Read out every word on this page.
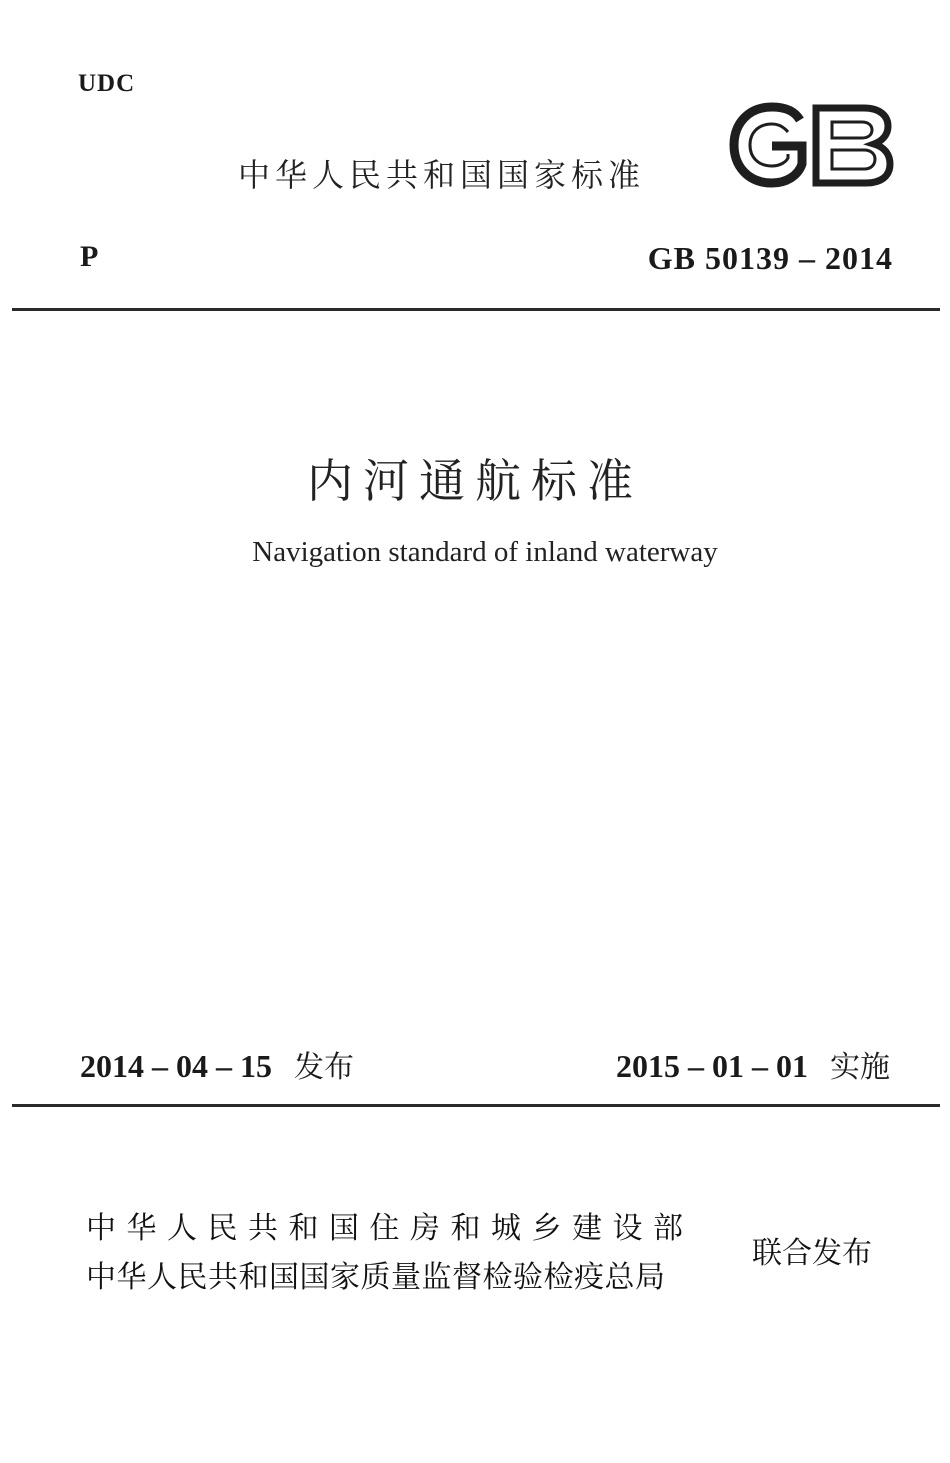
UDC
中华人民共和国国家标准
P	GB 50139 – 2014
内河通航标准
Navigation standard of inland waterway
2014 – 04 – 15 发布	2015 – 01 – 01 实施
中华人民共和国住房和城乡建设部
中华人民共和国国家质量监督检验检疫总局
联合发布
